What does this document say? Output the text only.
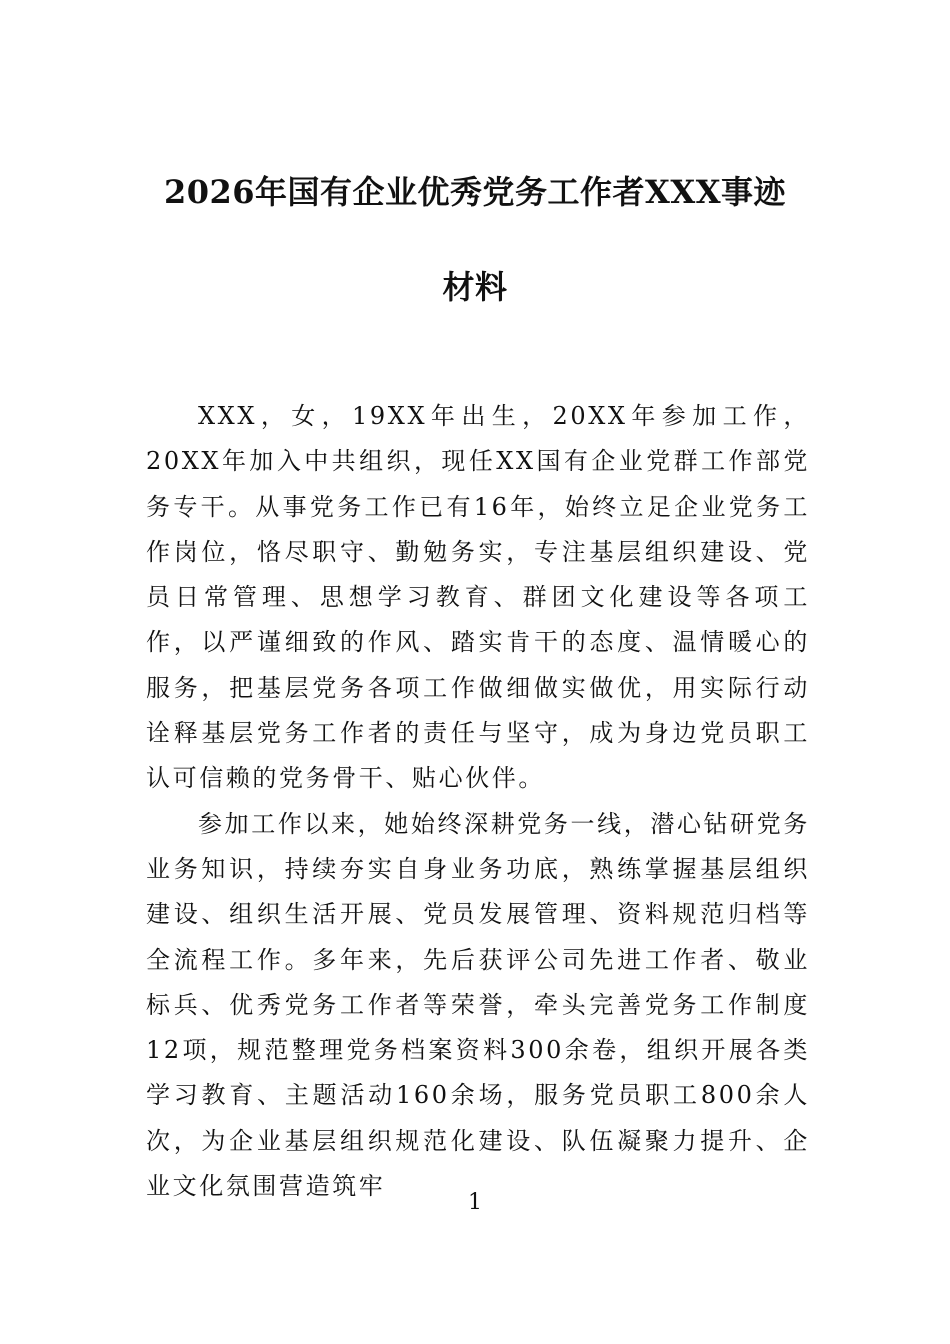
2026年国有企业优秀党务工作者XXX事迹
材料

XXX，女，19XX年出生，20XX年参加工作，20XX年加入中共组织，现任XX国有企业党群工作部党务专干。从事党务工作已有16年，始终立足企业党务工作岗位，恪尽职守、勤勉务实，专注基层组织建设、党员日常管理、思想学习教育、群团文化建设等各项工作，以严谨细致的作风、踏实肯干的态度、温情暖心的服务，把基层党务各项工作做细做实做优，用实际行动诠释基层党务工作者的责任与坚守，成为身边党员职工认可信赖的党务骨干、贴心伙伴。

参加工作以来，她始终深耕党务一线，潜心钻研党务业务知识，持续夯实自身业务功底，熟练掌握基层组织建设、组织生活开展、党员发展管理、资料规范归档等全流程工作。多年来，先后获评公司先进工作者、敬业标兵、优秀党务工作者等荣誉，牵头完善党务工作制度12项，规范整理党务档案资料300余卷，组织开展各类学习教育、主题活动160余场，服务党员职工800余人次，为企业基层组织规范化建设、队伍凝聚力提升、企业文化氛围营造筑牢

1
